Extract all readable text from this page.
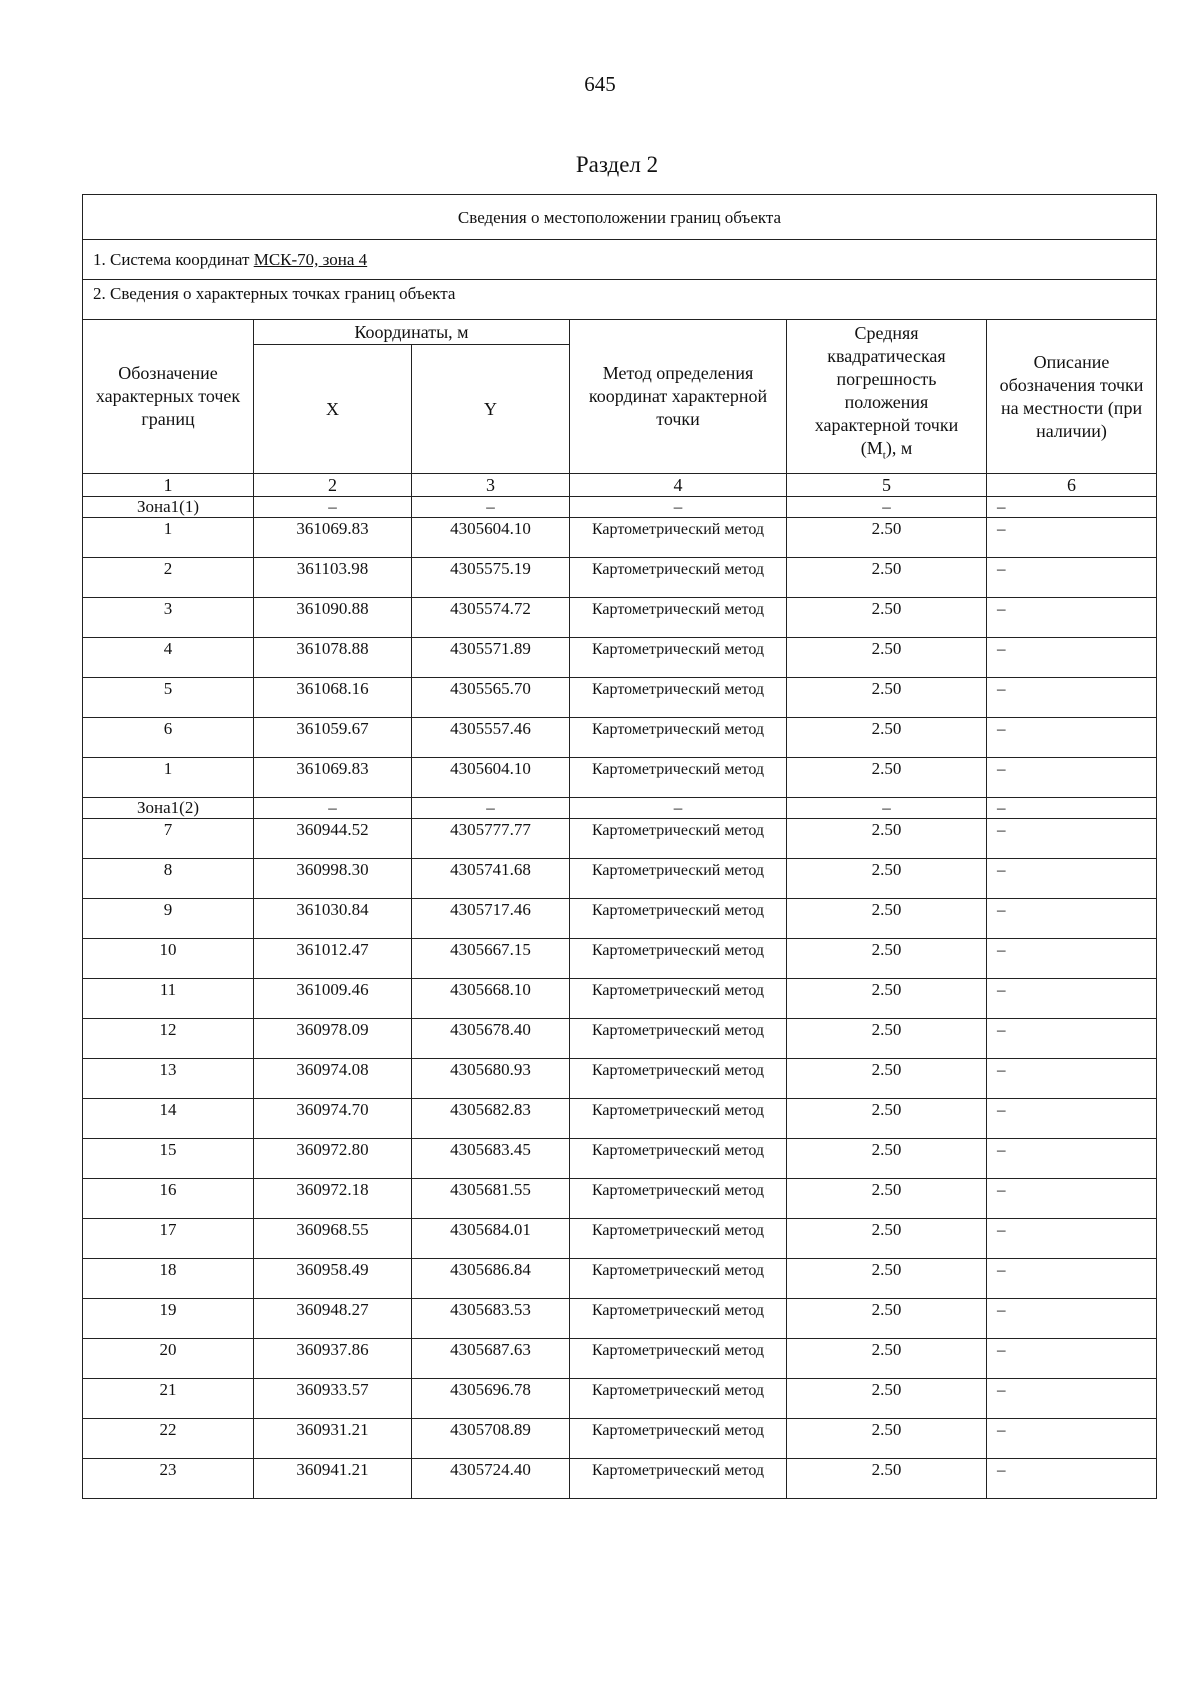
645
Раздел 2
Сведения о местоположении границ объекта					
1. Система координат МСК-70, зона 4					
2. Сведения о характерных точках границ объекта					
Обозначение характерных точек границ	Координаты, м		Метод определения координат характерной точки	Средняя квадратическая погрешность положения характерной точки $(M_t)$, м	Описание обозначения точки на местности (при наличии)
	X	Y			
1	2	3	4	5	6
Зона1(1)	–	–	–	–	–
1	361069.83	4305604.10	Картометрический метод	2.50	–
2	361103.98	4305575.19	Картометрический метод	2.50	–
3	361090.88	4305574.72	Картометрический метод	2.50	–
4	361078.88	4305571.89	Картометрический метод	2.50	–
5	361068.16	4305565.70	Картометрический метод	2.50	–
6	361059.67	4305557.46	Картометрический метод	2.50	–
1	361069.83	4305604.10	Картометрический метод	2.50	–
Зона1(2)	–	–	–	–	–
7	360944.52	4305777.77	Картометрический метод	2.50	–
8	360998.30	4305741.68	Картометрический метод	2.50	–
9	361030.84	4305717.46	Картометрический метод	2.50	–
10	361012.47	4305667.15	Картометрический метод	2.50	–
11	361009.46	4305668.10	Картометрический метод	2.50	–
12	360978.09	4305678.40	Картометрический метод	2.50	–
13	360974.08	4305680.93	Картометрический метод	2.50	–
14	360974.70	4305682.83	Картометрический метод	2.50	–
15	360972.80	4305683.45	Картометрический метод	2.50	–
16	360972.18	4305681.55	Картометрический метод	2.50	–
17	360968.55	4305684.01	Картометрический метод	2.50	–
18	360958.49	4305686.84	Картометрический метод	2.50	–
19	360948.27	4305683.53	Картометрический метод	2.50	–
20	360937.86	4305687.63	Картометрический метод	2.50	–
21	360933.57	4305696.78	Картометрический метод	2.50	–
22	360931.21	4305708.89	Картометрический метод	2.50	–
23	360941.21	4305724.40	Картометрический метод	2.50	–
